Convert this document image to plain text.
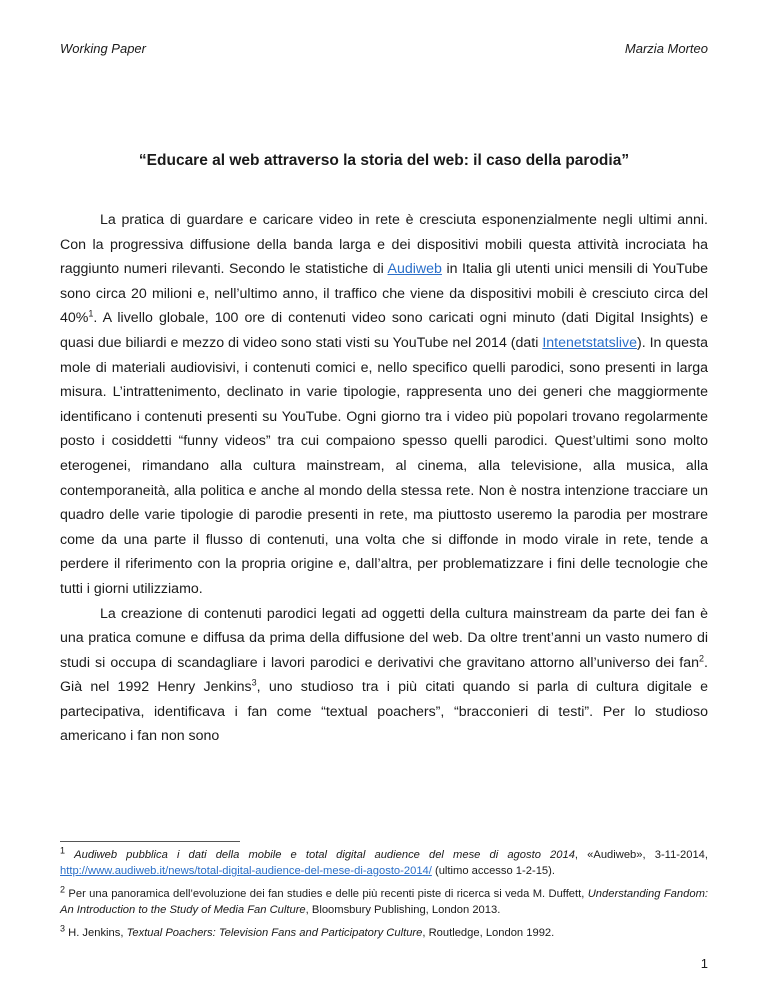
Working Paper	Marzia Morteo
“Educare al web attraverso la storia del web: il caso della parodia”

La pratica di guardare e caricare video in rete è cresciuta esponenzialmente negli ultimi anni. Con la progressiva diffusione della banda larga e dei dispositivi mobili questa attività incrociata ha raggiunto numeri rilevanti. Secondo le statistiche di Audiweb in Italia gli utenti unici mensili di YouTube sono circa 20 milioni e, nell’ultimo anno, il traffico che viene da dispositivi mobili è cresciuto circa del 40%$^1$. A livello globale, 100 ore di contenuti video sono caricati ogni minuto (dati Digital Insights) e quasi due biliardi e mezzo di video sono stati visti su YouTube nel 2014 (dati Intenetstatslive). In questa mole di materiali audiovisivi, i contenuti comici e, nello specifico quelli parodici, sono presenti in larga misura. L’intrattenimento, declinato in varie tipologie, rappresenta uno dei generi che maggiormente identificano i contenuti presenti su YouTube. Ogni giorno tra i video più popolari trovano regolarmente posto i cosiddetti “funny videos” tra cui compaiono spesso quelli parodici. Quest’ultimi sono molto eterogenei, rimandano alla cultura mainstream, al cinema, alla televisione, alla musica, alla contemporaneità, alla politica e anche al mondo della stessa rete. Non è nostra intenzione tracciare un quadro delle varie tipologie di parodie presenti in rete, ma piuttosto useremo la parodia per mostrare come da una parte il flusso di contenuti, una volta che si diffonde in modo virale in rete, tende a perdere il riferimento con la propria origine e, dall’altra, per problematizzare i fini delle tecnologie che tutti i giorni utilizziamo.

La creazione di contenuti parodici legati ad oggetti della cultura mainstream da parte dei fan è una pratica comune e diffusa da prima della diffusione del web. Da oltre trent’anni un vasto numero di studi si occupa di scandagliare i lavori parodici e derivativi che gravitano attorno all’universo dei fan$^2$. Già nel 1992 Henry Jenkins$^3$, uno studioso tra i più citati quando si parla di cultura digitale e partecipativa, identificava i fan come “textual poachers”, “bracconieri di testi”. Per lo studioso americano i fan non sono

$^1$ Audiweb pubblica i dati della mobile e total digital audience del mese di agosto 2014, «Audiweb», 3-11-2014, http://www.audiweb.it/news/total-digital-audience-del-mese-di-agosto-2014/ (ultimo accesso 1-2-15).
$^2$ Per una panoramica dell’evoluzione dei fan studies e delle più recenti piste di ricerca si veda M. Duffett, Understanding Fandom: An Introduction to the Study of Media Fan Culture, Bloomsbury Publishing, London 2013.
$^3$ H. Jenkins, Textual Poachers: Television Fans and Participatory Culture, Routledge, London 1992.
1
